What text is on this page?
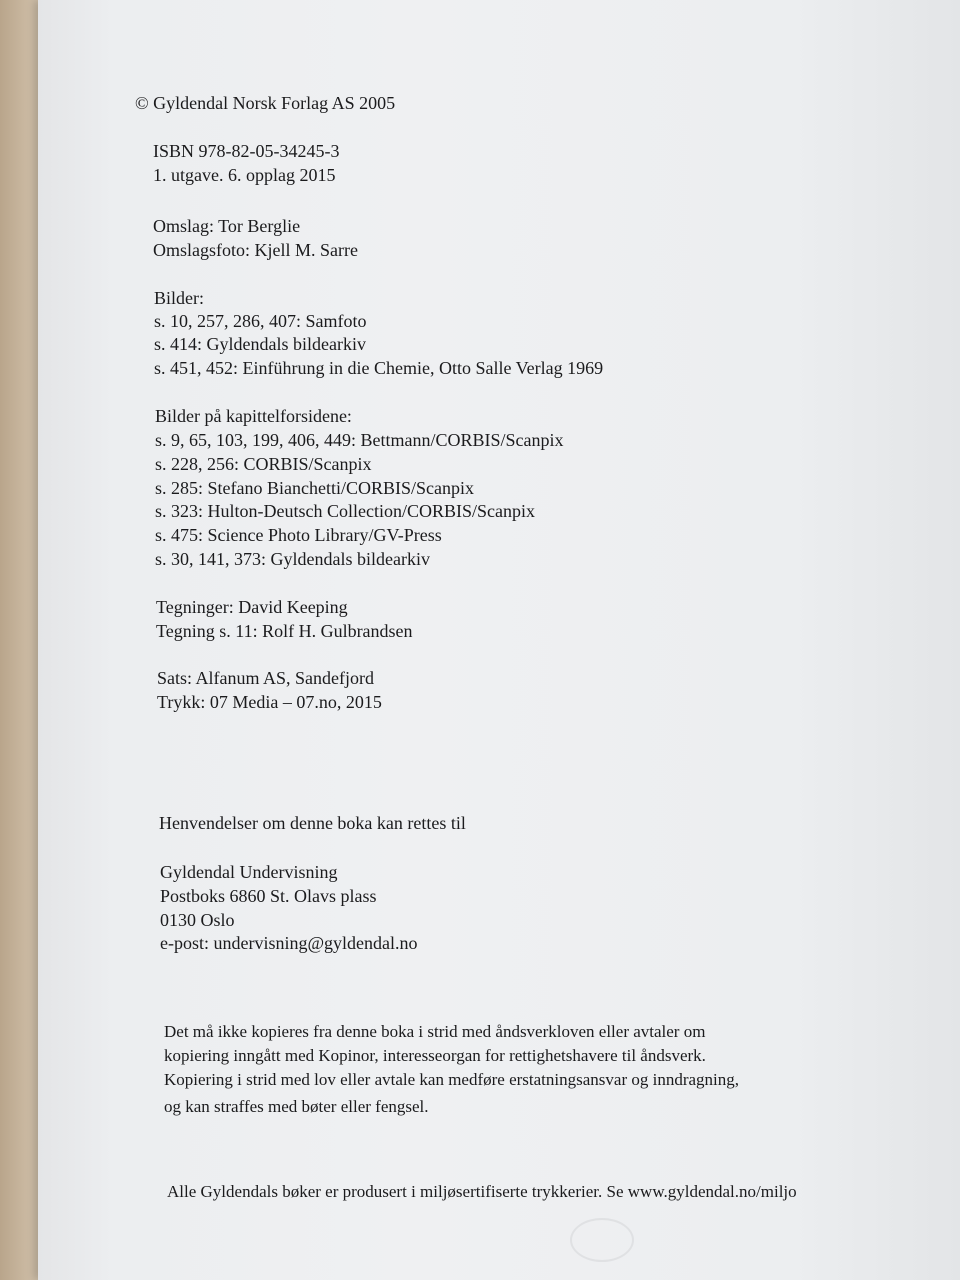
© Gyldendal Norsk Forlag AS 2005
ISBN 978-82-05-34245-3
1. utgave. 6. opplag 2015
Omslag: Tor Berglie
Omslagsfoto: Kjell M. Sarre
Bilder:
s. 10, 257, 286, 407: Samfoto
s. 414: Gyldendals bildearkiv
s. 451, 452: Einführung in die Chemie, Otto Salle Verlag 1969
Bilder på kapittelforsidene:
s. 9, 65, 103, 199, 406, 449: Bettmann/CORBIS/Scanpix
s. 228, 256: CORBIS/Scanpix
s. 285: Stefano Bianchetti/CORBIS/Scanpix
s. 323: Hulton-Deutsch Collection/CORBIS/Scanpix
s. 475: Science Photo Library/GV-Press
s. 30, 141, 373: Gyldendals bildearkiv
Tegninger: David Keeping
Tegning s. 11: Rolf H. Gulbrandsen
Sats: Alfanum AS, Sandefjord
Trykk: 07 Media – 07.no, 2015
Henvendelser om denne boka kan rettes til
Gyldendal Undervisning
Postboks 6860 St. Olavs plass
0130 Oslo
e-post: undervisning@gyldendal.no
Det må ikke kopieres fra denne boka i strid med åndsverkloven eller avtaler om
kopiering inngått med Kopinor, interesseorgan for rettighetshavere til åndsverk.
Kopiering i strid med lov eller avtale kan medføre erstatningsansvar og inndragning,
og kan straffes med bøter eller fengsel.
Alle Gyldendals bøker er produsert i miljøsertifiserte trykkerier. Se www.gyldendal.no/miljo
